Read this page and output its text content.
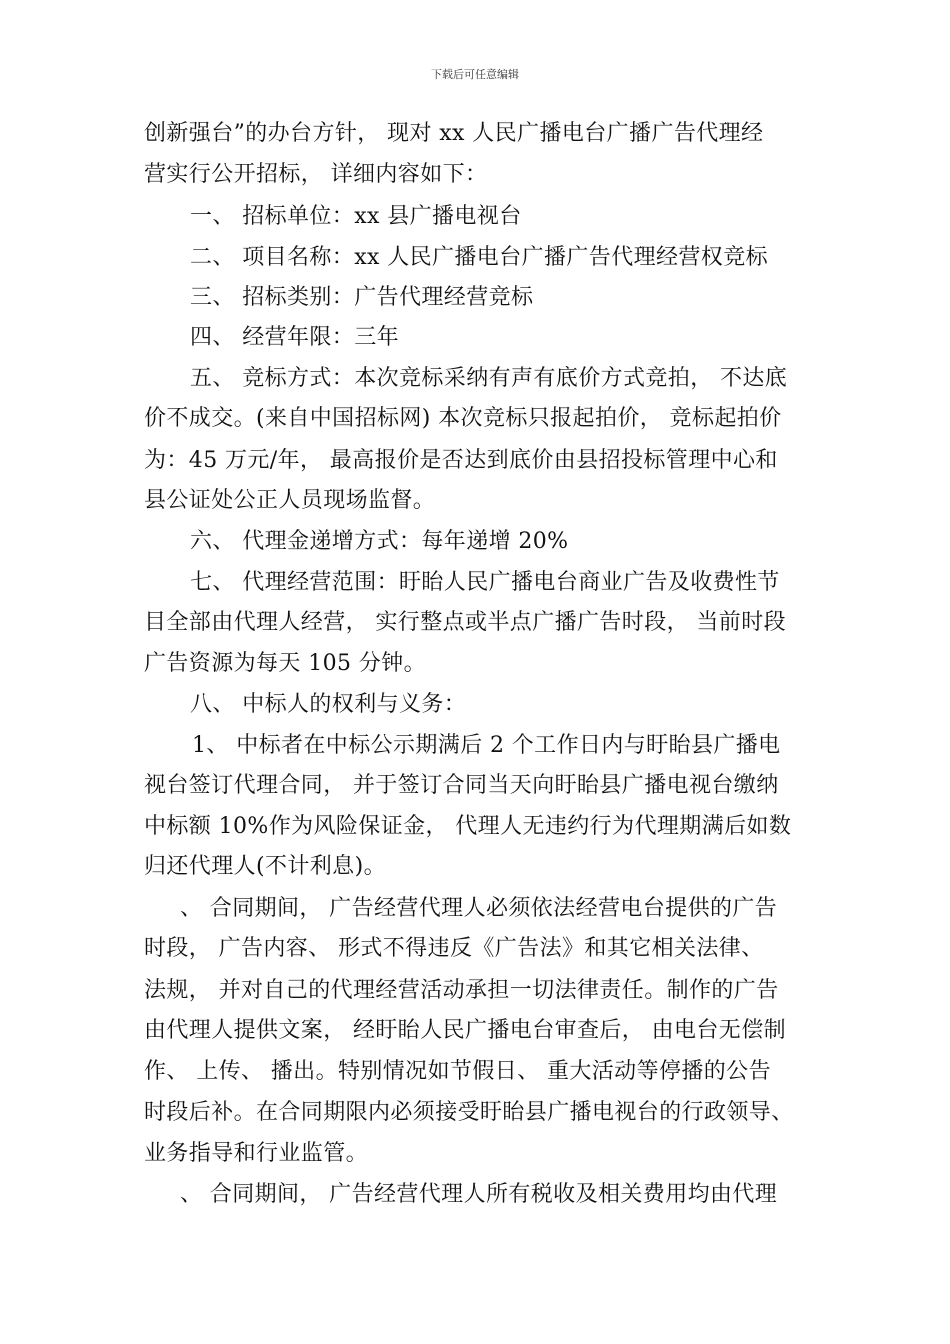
下载后可任意编辑
创新强台”的办台方针， 现对 xx 人民广播电台广播广告代理经
营实行公开招标， 详细内容如下：
一、 招标单位：xx 县广播电视台
二、 项目名称：xx 人民广播电台广播广告代理经营权竞标
三、 招标类别：广告代理经营竞标
四、 经营年限：三年
五、 竞标方式：本次竞标采纳有声有底价方式竞拍， 不达底
价不成交。(来自中国招标网) 本次竞标只报起拍价， 竞标起拍价
为：45 万元/年， 最高报价是否达到底价由县招投标管理中心和
县公证处公正人员现场监督。
六、 代理金递增方式：每年递增 20%
七、 代理经营范围：盱眙人民广播电台商业广告及收费性节
目全部由代理人经营， 实行整点或半点广播广告时段， 当前时段
广告资源为每天 105 分钟。
八、 中标人的权利与义务：
1、 中标者在中标公示期满后 2 个工作日内与盱眙县广播电
视台签订代理合同， 并于签订合同当天向盱眙县广播电视台缴纳
中标额 10%作为风险保证金， 代理人无违约行为代理期满后如数
归还代理人(不计利息)。
、 合同期间， 广告经营代理人必须依法经营电台提供的广告
时段， 广告内容、 形式不得违反《广告法》和其它相关法律、
法规， 并对自己的代理经营活动承担一切法律责任。制作的广告
由代理人提供文案， 经盱眙人民广播电台审查后， 由电台无偿制
作、 上传、 播出。特别情况如节假日、 重大活动等停播的公告
时段后补。在合同期限内必须接受盱眙县广播电视台的行政领导、
业务指导和行业监管。
、 合同期间， 广告经营代理人所有税收及相关费用均由代理
